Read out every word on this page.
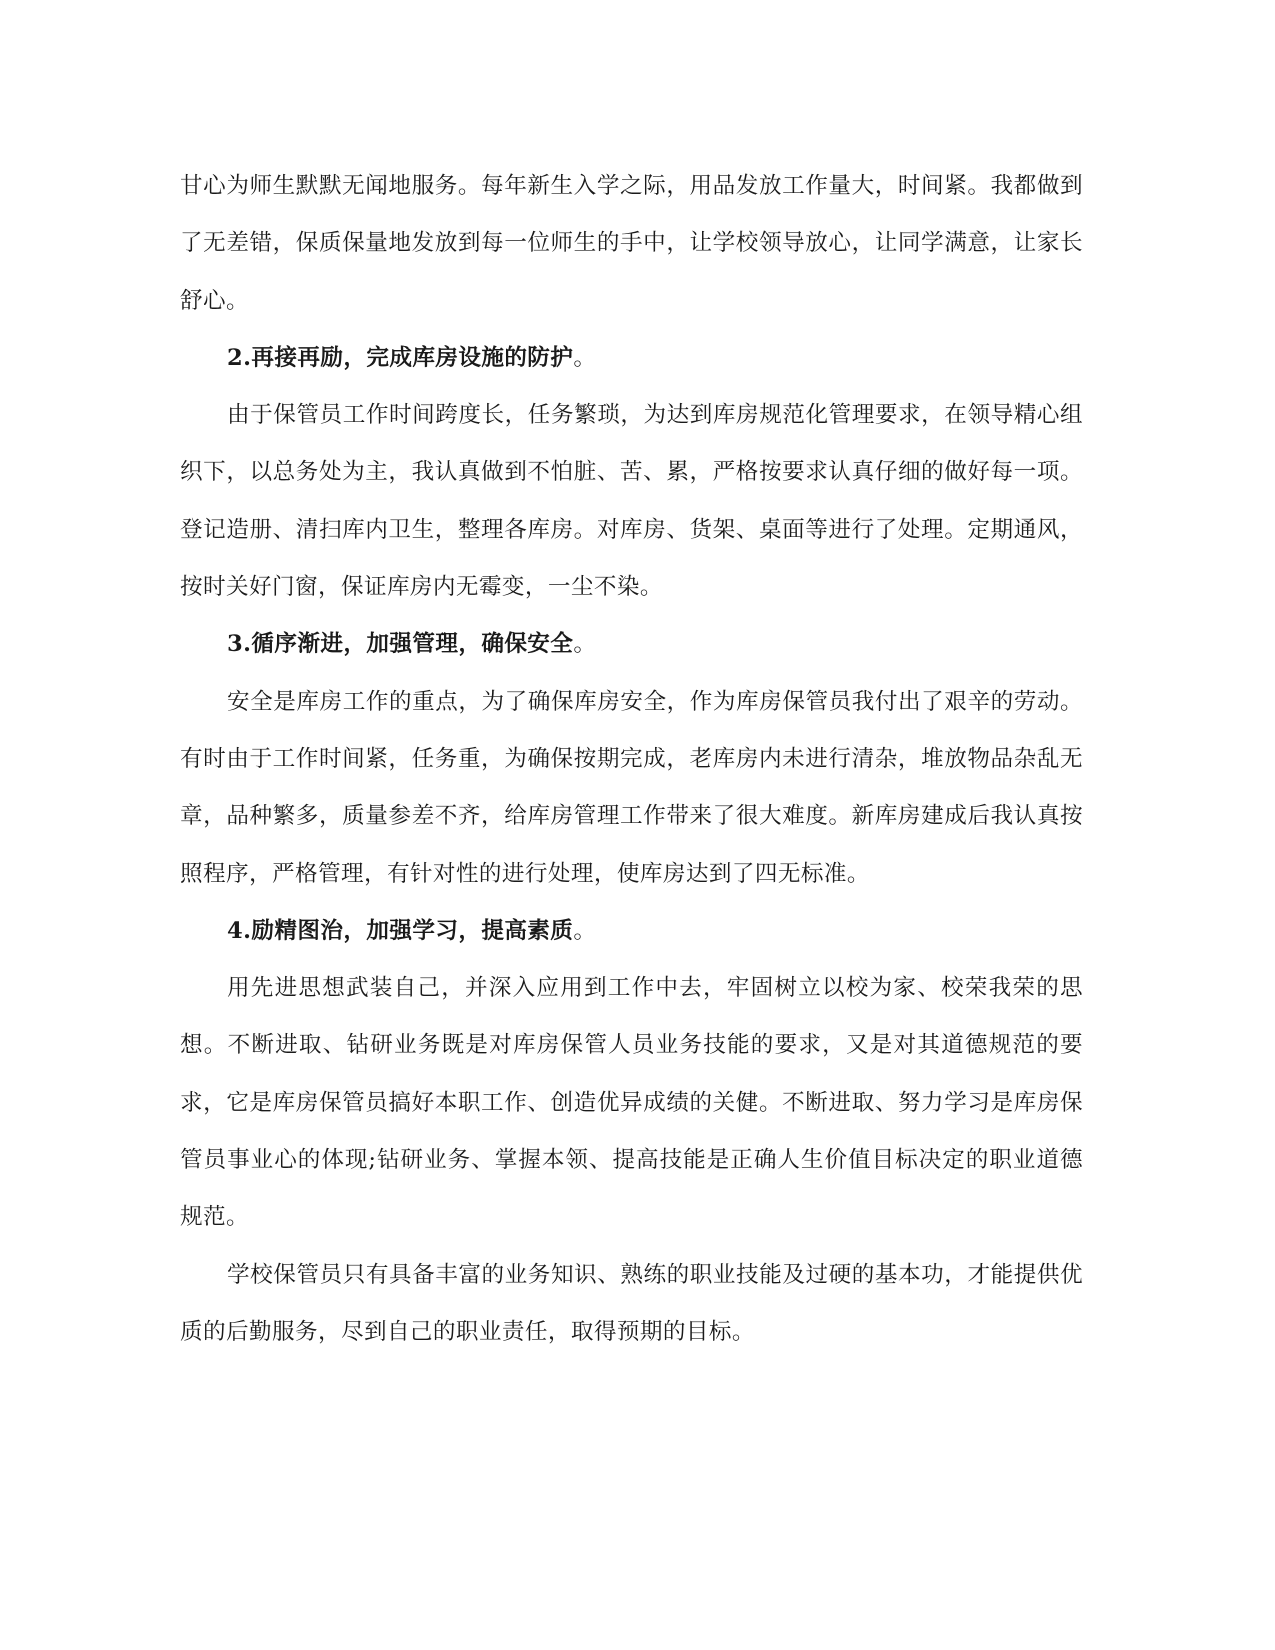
甘心为师生默默无闻地服务。每年新生入学之际，用品发放工作量大，时间紧。我都做到了无差错，保质保量地发放到每一位师生的手中，让学校领导放心，让同学满意，让家长舒心。

2.再接再励，完成库房设施的防护。

由于保管员工作时间跨度长，任务繁琐，为达到库房规范化管理要求，在领导精心组织下，以总务处为主，我认真做到不怕脏、苦、累，严格按要求认真仔细的做好每一项。登记造册、清扫库内卫生，整理各库房。对库房、货架、桌面等进行了处理。定期通风，按时关好门窗，保证库房内无霉变，一尘不染。

3.循序渐进，加强管理，确保安全。

安全是库房工作的重点，为了确保库房安全，作为库房保管员我付出了艰辛的劳动。有时由于工作时间紧，任务重，为确保按期完成，老库房内未进行清杂，堆放物品杂乱无章，品种繁多，质量参差不齐，给库房管理工作带来了很大难度。新库房建成后我认真按照程序，严格管理，有针对性的进行处理，使库房达到了四无标准。

4.励精图治，加强学习，提高素质。

用先进思想武装自己，并深入应用到工作中去，牢固树立以校为家、校荣我荣的思想。不断进取、钻研业务既是对库房保管人员业务技能的要求，又是对其道德规范的要求，它是库房保管员搞好本职工作、创造优异成绩的关健。不断进取、努力学习是库房保管员事业心的体现;钻研业务、掌握本领、提高技能是正确人生价值目标决定的职业道德规范。

学校保管员只有具备丰富的业务知识、熟练的职业技能及过硬的基本功，才能提供优质的后勤服务，尽到自己的职业责任，取得预期的目标。
